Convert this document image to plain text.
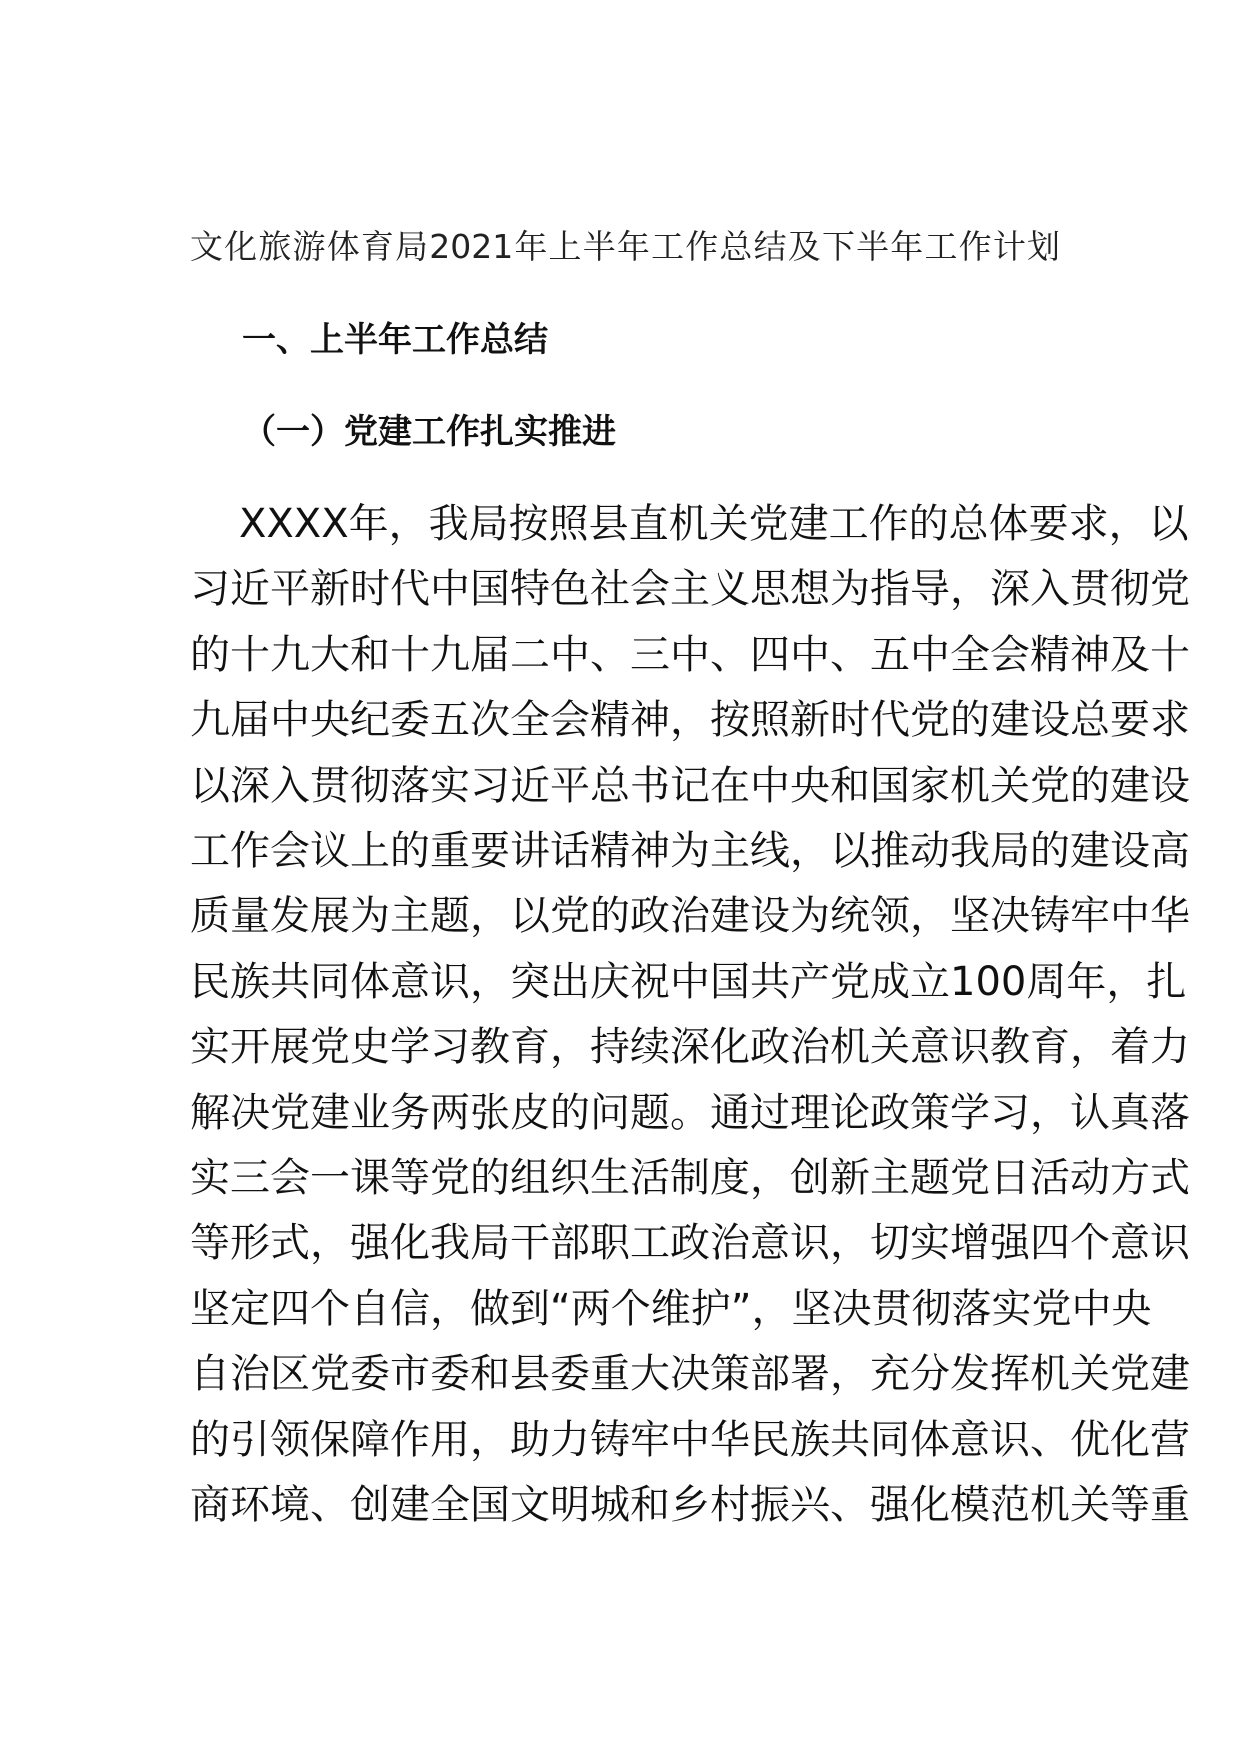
文化旅游体育局2021年上半年工作总结及下半年工作计划
一、上半年工作总结
（一）党建工作扎实推进
XXXX年，我局按照县直机关党建工作的总体要求，以
习近平新时代中国特色社会主义思想为指导，深入贯彻党
的十九大和十九届二中、三中、四中、五中全会精神及十
九届中央纪委五次全会精神，按照新时代党的建设总要求
以深入贯彻落实习近平总书记在中央和国家机关党的建设
工作会议上的重要讲话精神为主线，以推动我局的建设高
质量发展为主题，以党的政治建设为统领，坚决铸牢中华
民族共同体意识，突出庆祝中国共产党成立100周年，扎
实开展党史学习教育，持续深化政治机关意识教育，着力
解决党建业务两张皮的问题。通过理论政策学习，认真落
实三会一课等党的组织生活制度，创新主题党日活动方式
等形式，强化我局干部职工政治意识，切实增强四个意识
坚定四个自信，做到“两个维护”，坚决贯彻落实党中央
自治区党委市委和县委重大决策部署，充分发挥机关党建
的引领保障作用，助力铸牢中华民族共同体意识、优化营
商环境、创建全国文明城和乡村振兴、强化模范机关等重
